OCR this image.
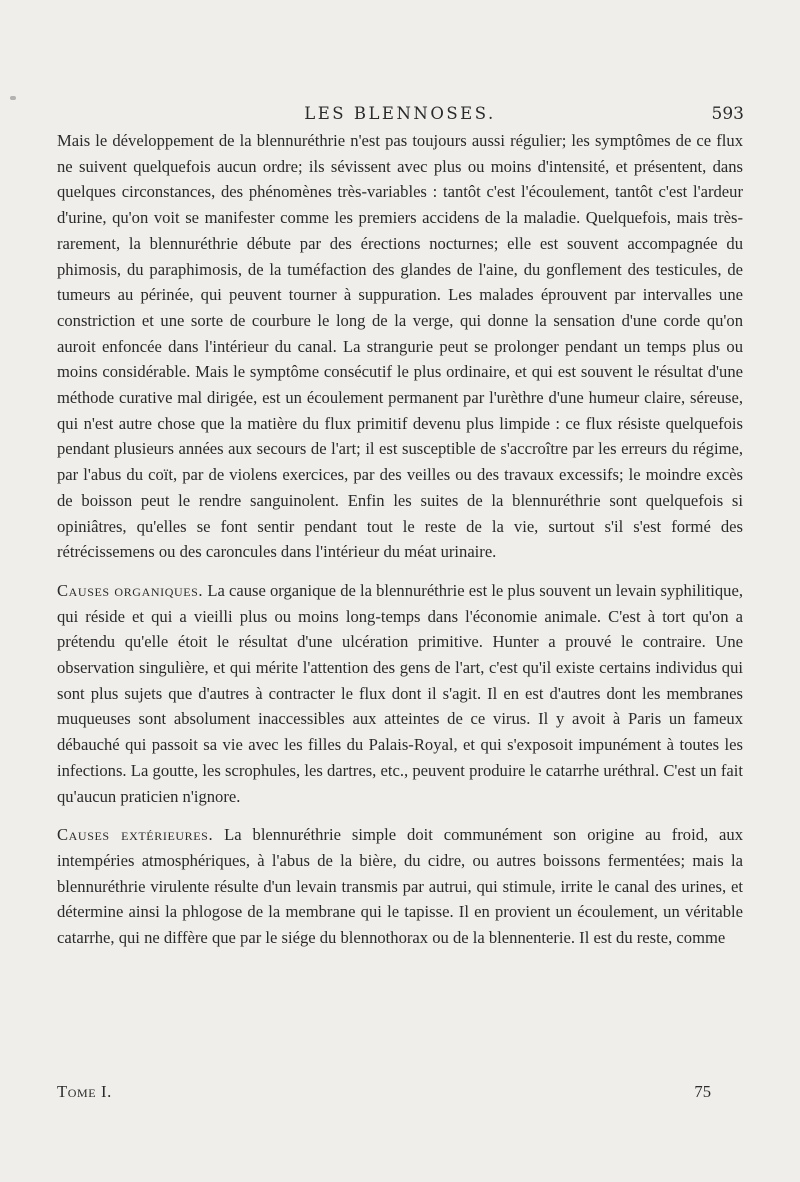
LES BLENNOSES.	593

Mais le développement de la blennuréthrie n'est pas toujours aussi régulier; les symptômes de ce flux ne suivent quelquefois aucun ordre; ils sévissent avec plus ou moins d'intensité, et présentent, dans quelques circonstances, des phénomènes très-variables : tantôt c'est l'écoulement, tantôt c'est l'ardeur d'urine, qu'on voit se manifester comme les premiers accidens de la maladie. Quelquefois, mais très-rarement, la blennuréthrie débute par des érections nocturnes; elle est souvent accompagnée du phimosis, du paraphimosis, de la tuméfaction des glandes de l'aine, du gonflement des testicules, de tumeurs au périnée, qui peuvent tourner à suppuration. Les malades éprouvent par intervalles une constriction et une sorte de courbure le long de la verge, qui donne la sensation d'une corde qu'on auroit enfoncée dans l'intérieur du canal. La strangurie peut se prolonger pendant un temps plus ou moins considérable. Mais le symptôme consécutif le plus ordinaire, et qui est souvent le résultat d'une méthode curative mal dirigée, est un écoulement permanent par l'urèthre d'une humeur claire, séreuse, qui n'est autre chose que la matière du flux primitif devenu plus limpide : ce flux résiste quelquefois pendant plusieurs années aux secours de l'art; il est susceptible de s'accroître par les erreurs du régime, par l'abus du coït, par de violens exercices, par des veilles ou des travaux excessifs; le moindre excès de boisson peut le rendre sanguinolent. Enfin les suites de la blennuréthrie sont quelquefois si opiniâtres, qu'elles se font sentir pendant tout le reste de la vie, surtout s'il s'est formé des rétrécissemens ou des caroncules dans l'intérieur du méat urinaire.

Causes organiques. La cause organique de la blennuréthrie est le plus souvent un levain syphilitique, qui réside et qui a vieilli plus ou moins long-temps dans l'économie animale. C'est à tort qu'on a prétendu qu'elle étoit le résultat d'une ulcération primitive. Hunter a prouvé le contraire. Une observation singulière, et qui mérite l'attention des gens de l'art, c'est qu'il existe certains individus qui sont plus sujets que d'autres à contracter le flux dont il s'agit. Il en est d'autres dont les membranes muqueuses sont absolument inaccessibles aux atteintes de ce virus. Il y avoit à Paris un fameux débauché qui passoit sa vie avec les filles du Palais-Royal, et qui s'exposoit impunément à toutes les infections. La goutte, les scrophules, les dartres, etc., peuvent produire le catarrhe uréthral. C'est un fait qu'aucun praticien n'ignore.

Causes extérieures. La blennuréthrie simple doit communément son origine au froid, aux intempéries atmosphériques, à l'abus de la bière, du cidre, ou autres boissons fermentées; mais la blennuréthrie virulente résulte d'un levain transmis par autrui, qui stimule, irrite le canal des urines, et détermine ainsi la phlogose de la membrane qui le tapisse. Il en provient un écoulement, un véritable catarrhe, qui ne diffère que par le siége du blennothorax ou de la blennenterie. Il est du reste, comme

Tome I.	75
